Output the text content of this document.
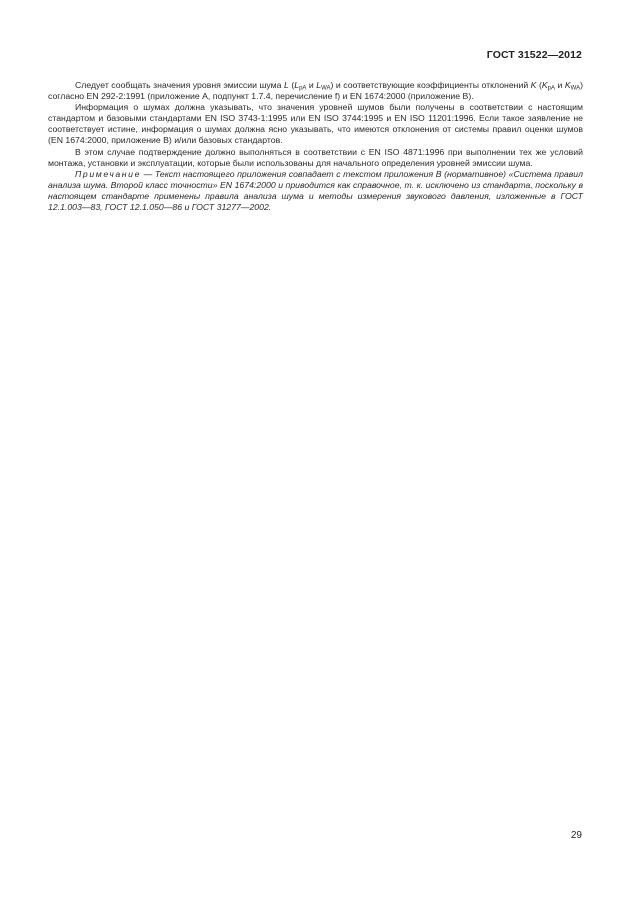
ГОСТ 31522—2012

Следует сообщать значения уровня эмиссии шума L ($L_{pA}$ и $L_{WA}$) и соответствующие коэффициенты отклонений K ($K_{pA}$ и $K_{WA}$) согласно EN 292-2:1991 (приложение А, подпункт 1.7.4, перечисление f) и EN 1674:2000 (приложение В).

Информация о шумах должна указывать, что значения уровней шумов были получены в соответствии с настоящим стандартом и базовыми стандартами EN ISO 3743-1:1995 или EN ISO 3744:1995 и EN ISO 11201:1996. Если такое заявление не соответствует истине, информация о шумах должна ясно указывать, что имеются отклонения от системы правил оценки шумов (EN 1674:2000, приложение В) и/или базовых стандартов.

В этом случае подтверждение должно выполняться в соответствии с EN ISO 4871:1996 при выполнении тех же условий монтажа, установки и эксплуатации, которые были использованы для начального определения уровней эмиссии шума.

Примечание — Текст настоящего приложения совпадает с текстом приложения В (нормативное) «Система правил анализа шума. Второй класс точности» EN 1674:2000 и приводится как справочное, т. к. исключено из стандарта, поскольку в настоящем стандарте применены правила анализа шума и методы измерения звукового давления, изложенные в ГОСТ 12.1.003—83, ГОСТ 12.1.050—86 и ГОСТ 31277—2002.

29
